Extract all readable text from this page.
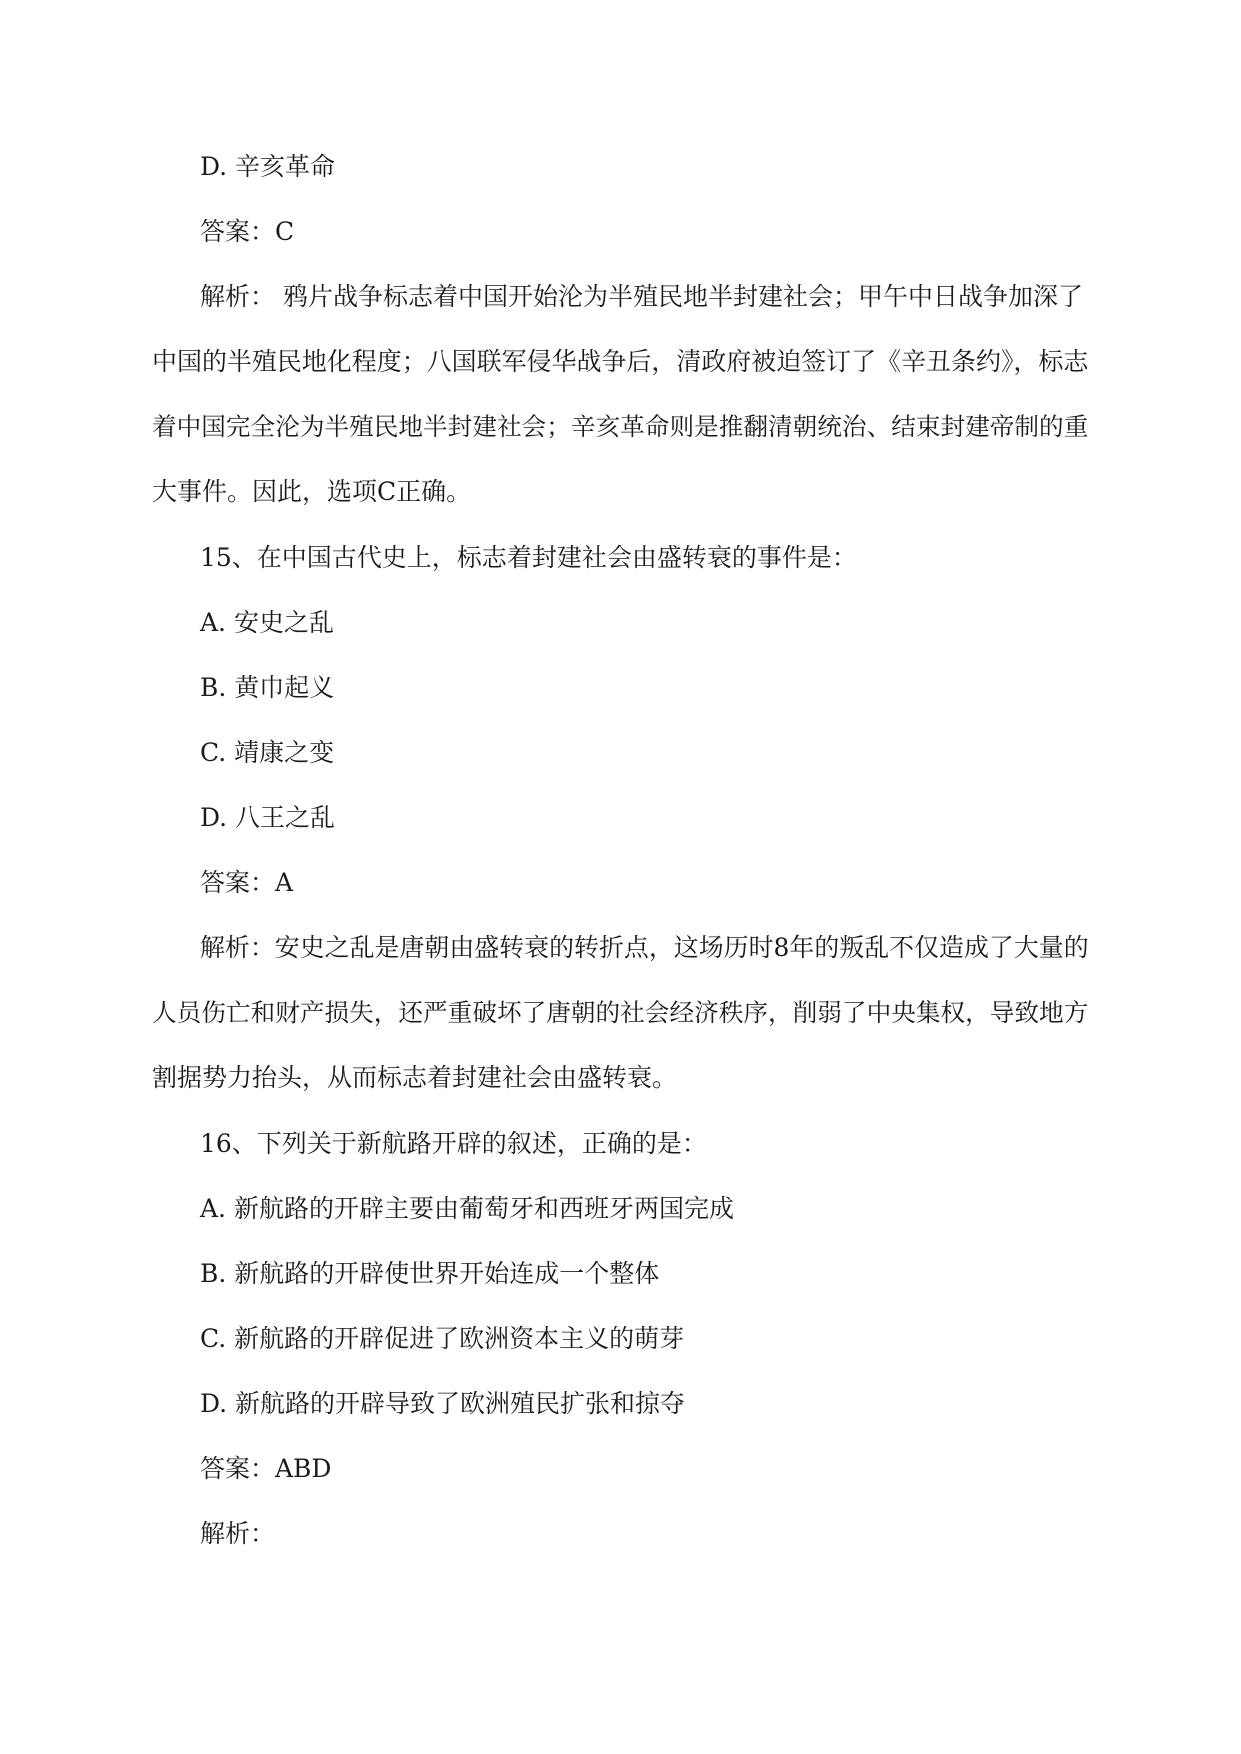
D. 辛亥革命
答案：C
解析： 鸦片战争标志着中国开始沦为半殖民地半封建社会；甲午中日战争加深了
中国的半殖民地化程度；八国联军侵华战争后，清政府被迫签订了《辛丑条约》，标志
着中国完全沦为半殖民地半封建社会；辛亥革命则是推翻清朝统治、结束封建帝制的重
大事件。因此，选项C正确。
15、在中国古代史上，标志着封建社会由盛转衰的事件是：
A. 安史之乱
B. 黄巾起义
C. 靖康之变
D. 八王之乱
答案：A
解析：安史之乱是唐朝由盛转衰的转折点，这场历时8年的叛乱不仅造成了大量的
人员伤亡和财产损失，还严重破坏了唐朝的社会经济秩序，削弱了中央集权，导致地方
割据势力抬头，从而标志着封建社会由盛转衰。
16、下列关于新航路开辟的叙述，正确的是：
A. 新航路的开辟主要由葡萄牙和西班牙两国完成
B. 新航路的开辟使世界开始连成一个整体
C. 新航路的开辟促进了欧洲资本主义的萌芽
D. 新航路的开辟导致了欧洲殖民扩张和掠夺
答案：ABD
解析：
